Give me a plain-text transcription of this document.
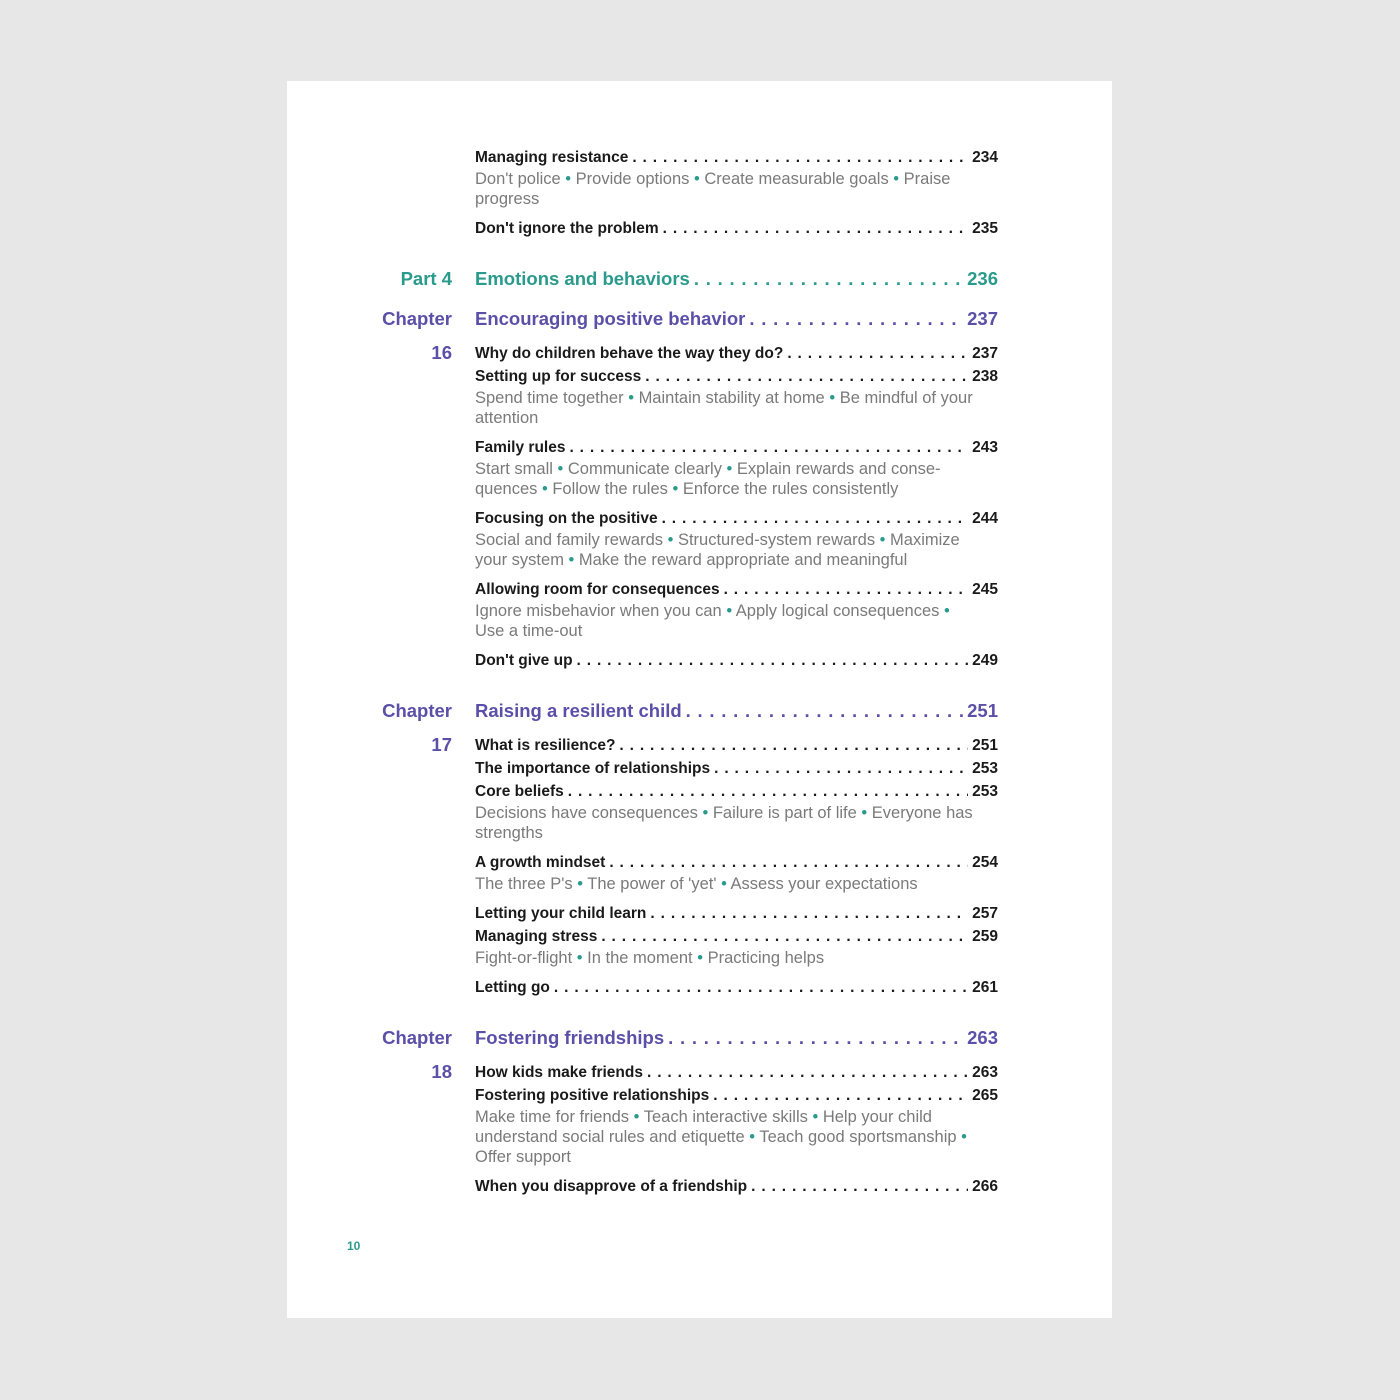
Managing resistance . . .	234
Don't police • Provide options • Create measurable goals • Praise progress
Don't ignore the problem . . .	235
Part 4 Emotions and behaviors . . .	236
Chapter 16
Encouraging positive behavior . . .	237
Why do children behave the way they do? . . .	237
Setting up for success . . .	238
Spend time together • Maintain stability at home • Be mindful of your attention
Family rules . . .	243
Start small • Communicate clearly • Explain rewards and conse-quences • Follow the rules • Enforce the rules consistently
Focusing on the positive . . .	244
Social and family rewards • Structured-system rewards • Maximize your system • Make the reward appropriate and meaningful
Allowing room for consequences . . .	245
Ignore misbehavior when you can • Apply logical consequences • Use a time-out
Don't give up . . .	249
Chapter 17
Raising a resilient child . . .	251
What is resilience? . . .	251
The importance of relationships . . .	253
Core beliefs . . .	253
Decisions have consequences • Failure is part of life • Everyone has strengths
A growth mindset . . .	254
The three P's • The power of 'yet' • Assess your expectations
Letting your child learn . . .	257
Managing stress . . .	259
Fight-or-flight • In the moment • Practicing helps
Letting go . . .	261
Chapter 18
Fostering friendships . . .	263
How kids make friends . . .	263
Fostering positive relationships . . .	265
Make time for friends • Teach interactive skills • Help your child understand social rules and etiquette • Teach good sportsmanship • Offer support
When you disapprove of a friendship . . .	266
10
